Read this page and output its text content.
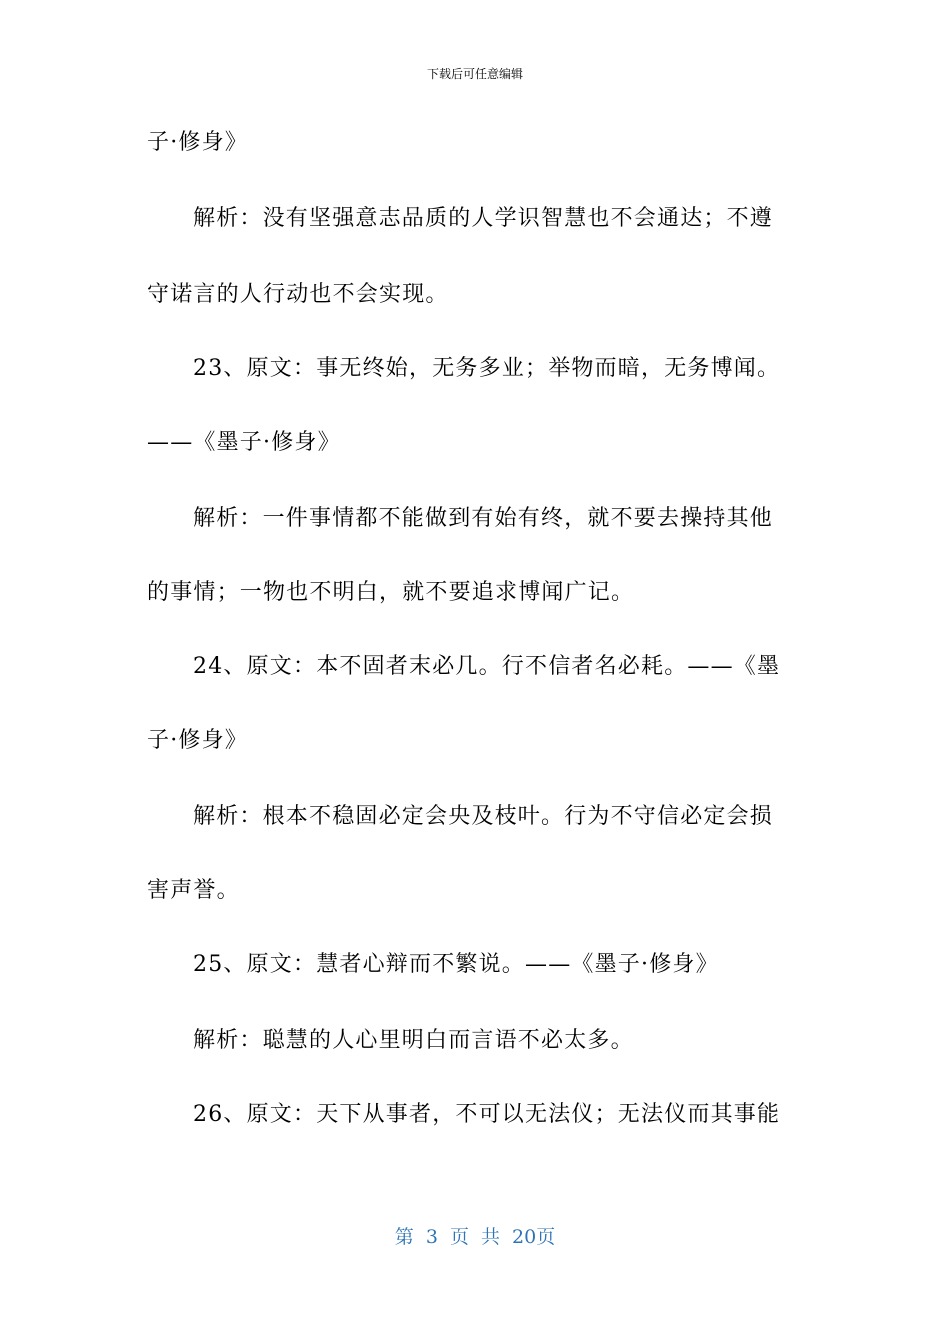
下载后可任意编辑
子·修身》
解析：没有坚强意志品质的人学识智慧也不会通达；不遵
守诺言的人行动也不会实现。
23、原文：事无终始，无务多业；举物而暗，无务博闻。
——《墨子·修身》
解析：一件事情都不能做到有始有终，就不要去操持其他
的事情；一物也不明白，就不要追求博闻广记。
24、原文：本不固者末必几。行不信者名必耗。——《墨
子·修身》
解析：根本不稳固必定会央及枝叶。行为不守信必定会损
害声誉。
25、原文：慧者心辩而不繁说。——《墨子·修身》
解析：聪慧的人心里明白而言语不必太多。
26、原文：天下从事者，不可以无法仪；无法仪而其事能
第 3 页 共 20页
